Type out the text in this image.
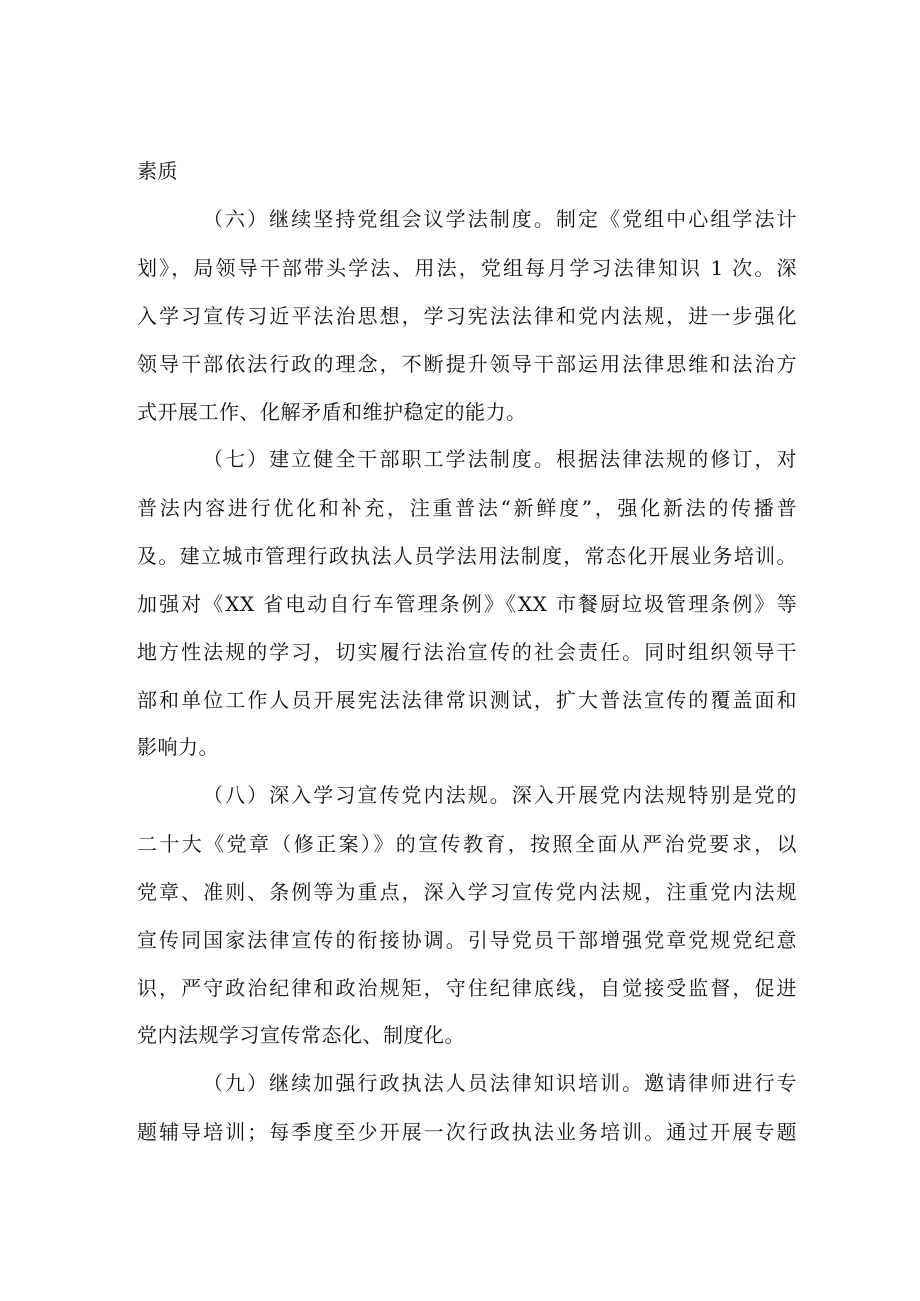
素质
（六）继续坚持党组会议学法制度。制定《党组中心组学法计
划》，局领导干部带头学法、用法，党组每月学习法律知识 1 次。深
入学习宣传习近平法治思想，学习宪法法律和党内法规，进一步强化
领导干部依法行政的理念，不断提升领导干部运用法律思维和法治方
式开展工作、化解矛盾和维护稳定的能力。
（七）建立健全干部职工学法制度。根据法律法规的修订，对
普法内容进行优化和补充，注重普法“新鲜度”，强化新法的传播普
及。建立城市管理行政执法人员学法用法制度，常态化开展业务培训。
加强对《XX 省电动自行车管理条例》《XX 市餐厨垃圾管理条例》等
地方性法规的学习，切实履行法治宣传的社会责任。同时组织领导干
部和单位工作人员开展宪法法律常识测试，扩大普法宣传的覆盖面和
影响力。
（八）深入学习宣传党内法规。深入开展党内法规特别是党的
二十大《党章（修正案）》的宣传教育，按照全面从严治党要求，以
党章、准则、条例等为重点，深入学习宣传党内法规，注重党内法规
宣传同国家法律宣传的衔接协调。引导党员干部增强党章党规党纪意
识，严守政治纪律和政治规矩，守住纪律底线，自觉接受监督，促进
党内法规学习宣传常态化、制度化。
（九）继续加强行政执法人员法律知识培训。邀请律师进行专
题辅导培训；每季度至少开展一次行政执法业务培训。通过开展专题
